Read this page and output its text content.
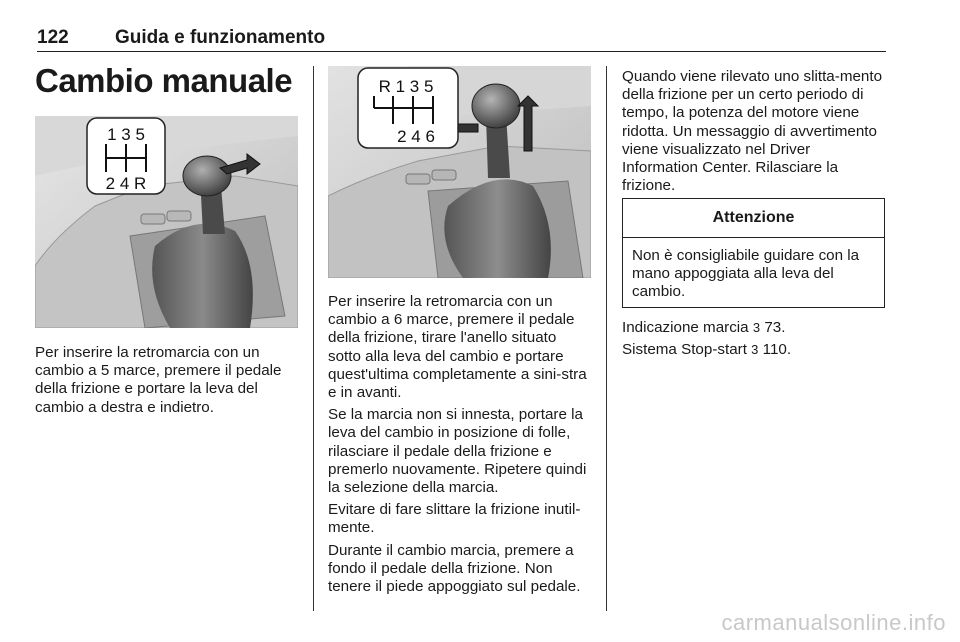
122 Guida e funzionamento
Cambio manuale
1 3 5
2 4 R
R 1 3 5
2 4 6

Per inserire la retromarcia con un cambio a 5 marce, premere il pedale della frizione e portare la leva del cambio a destra e indietro.

Per inserire la retromarcia con un cambio a 6 marce, premere il pedale della frizione, tirare l'anello situato sotto alla leva del cambio e portare quest'ultima completamente a sini-stra e in avanti.

Se la marcia non si innesta, portare la leva del cambio in posizione di folle, rilasciare il pedale della frizione e premerlo nuovamente. Ripetere quindi la selezione della marcia.

Evitare di fare slittare la frizione inutil-mente.

Durante il cambio marcia, premere a fondo il pedale della frizione. Non tenere il piede appoggiato sul pedale.

Quando viene rilevato uno slitta-mento della frizione per un certo periodo di tempo, la potenza del motore viene ridotta. Un messaggio di avvertimento viene visualizzato nel Driver Information Center. Rilasciare la frizione.

Attenzione
Non è consigliabile guidare con la mano appoggiata alla leva del cambio.

Indicazione marcia 3 73.

Sistema Stop-start 3 110.

carmanualsonline.info
